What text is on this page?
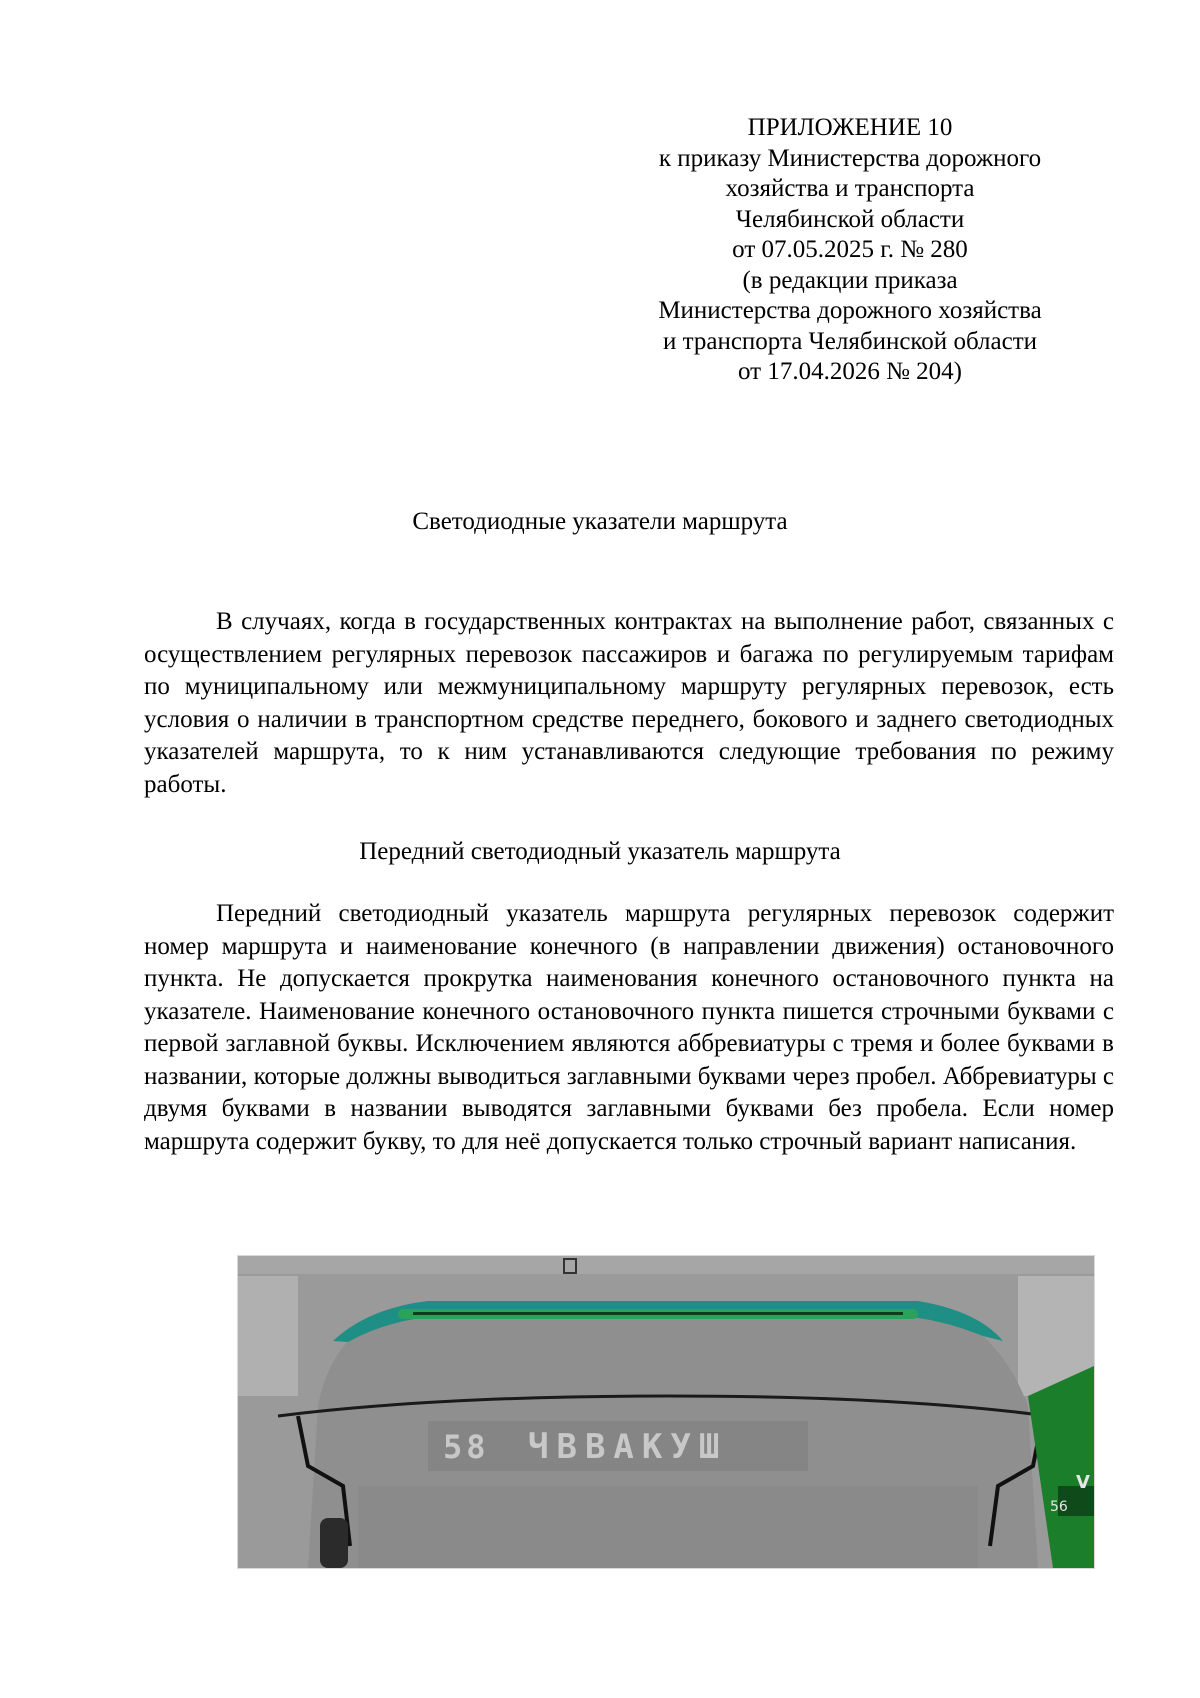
ПРИЛОЖЕНИЕ 10
к приказу Министерства дорожного
хозяйства и транспорта
Челябинской области
от 07.05.2025 г. № 280
(в редакции приказа
Министерства дорожного хозяйства
и транспорта Челябинской области
от 17.04.2026 № 204)
Светодиодные указатели маршрута

В случаях, когда в государственных контрактах на выполнение работ, связанных с осуществлением регулярных перевозок пассажиров и багажа по регулируемым тарифам по муниципальному или межмуниципальному маршруту регулярных перевозок, есть условия о наличии в транспортном средстве переднего, бокового и заднего светодиодных указателей маршрута, то к ним устанавливаются следующие требования по режиму работы.

Передний светодиодный указатель маршрута

Передний светодиодный указатель маршрута регулярных перевозок содержит номер маршрута и наименование конечного (в направлении движения) остановочного пункта. Не допускается прокрутка наименования конечного остановочного пункта на указателе. Наименование конечного остановочного пункта пишется строчными буквами с первой заглавной буквы. Исключением являются аббревиатуры с тремя и более буквами в названии, которые должны выводиться заглавными буквами через пробел. Аббревиатуры с двумя буквами в названии выводятся заглавными буквами без пробела. Если номер маршрута содержит букву, то для неё допускается только строчный вариант написания.

56
V
58 ЧВВАКУШ
